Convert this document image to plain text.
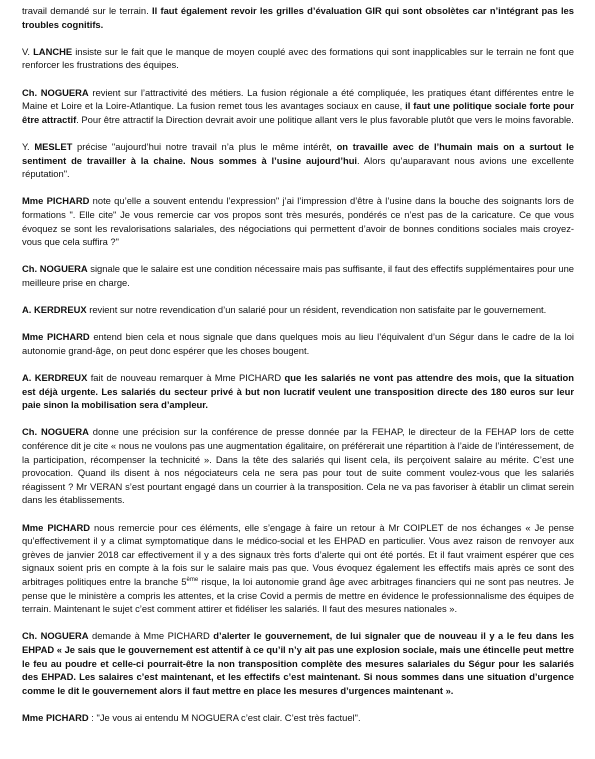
travail demandé sur le terrain. Il faut également revoir les grilles d’évaluation GIR qui sont obsolètes car n’intégrant pas les troubles cognitifs.

V. LANCHE insiste sur le fait que le manque de moyen couplé avec des formations qui sont inapplicables sur le terrain ne font que renforcer les frustrations des équipes.

Ch. NOGUERA revient sur l’attractivité des métiers. La fusion régionale a été compliquée, les pratiques étant différentes entre le Maine et Loire et la Loire-Atlantique. La fusion remet tous les avantages sociaux en cause, il faut une politique sociale forte pour être attractif. Pour être attractif la Direction devrait avoir une politique allant vers le plus favorable plutôt que vers le moins favorable.

Y. MESLET précise "aujourd’hui notre travail n’a plus le même intérêt, on travaille avec de l’humain mais on a surtout le sentiment de travailler à la chaine. Nous sommes à l’usine aujourd’hui. Alors qu’auparavant nous avions une excellente réputation".

Mme PICHARD note qu’elle a souvent entendu l’expression" j’ai l’impression d’être à l’usine dans la bouche des soignants lors de formations ". Elle cite" Je vous remercie car vos propos sont très mesurés, pondérés ce n’est pas de la caricature. Ce que vous évoquez se sont les revalorisations salariales, des négociations qui permettent d’avoir de bonnes conditions sociales mais croyez-vous que cela suffira ?"

Ch. NOGUERA signale que le salaire est une condition nécessaire mais pas suffisante, il faut des effectifs supplémentaires pour une meilleure prise en charge.

A. KERDREUX revient sur notre revendication d’un salarié pour un résident, revendication non satisfaite par le gouvernement.

Mme PICHARD entend bien cela et nous signale que dans quelques mois au lieu l’équivalent d’un Ségur dans le cadre de la loi autonomie grand-âge, on peut donc espérer que les choses bougent.

A. KERDREUX fait de nouveau remarquer à Mme PICHARD que les salariés ne vont pas attendre des mois, que la situation est déjà urgente. Les salariés du secteur privé à but non lucratif veulent une transposition directe des 180 euros sur leur paie sinon la mobilisation sera d’ampleur.

Ch. NOGUERA donne une précision sur la conférence de presse donnée par la FEHAP, le directeur de la FEHAP lors de cette conférence dit je cite « nous ne voulons pas une augmentation égalitaire, on préférerait une répartition à l’aide de l’intéressement, de la participation, récompenser la technicité ». Dans la tête des salariés qui lisent cela, ils perçoivent salaire au mérite. C’est une provocation. Quand ils disent à nos négociateurs cela ne sera pas pour tout de suite comment voulez-vous que les salariés réagissent ? Mr VERAN s’est pourtant engagé dans un courrier à la transposition. Cela ne va pas favoriser à établir un climat serein dans les établissements.

Mme PICHARD nous remercie pour ces éléments, elle s’engage à faire un retour à Mr COIPLET de nos échanges « Je pense qu’effectivement il y a climat symptomatique dans le médico-social et les EHPAD en particulier. Vous avez raison de renvoyer aux grèves de janvier 2018 car effectivement il y a des signaux très forts d’alerte qui ont été portés. Et il faut vraiment espérer que ces signaux soient pris en compte à la fois sur le salaire mais pas que. Vous évoquez également les effectifs mais après ce sont des arbitrages politiques entre la branche 5ème risque, la loi autonomie grand âge avec arbitrages financiers qui ne sont pas neutres. Je pense que le ministère a compris les attentes, et la crise Covid a permis de mettre en évidence le professionnalisme des équipes de terrain. Maintenant le sujet c’est comment attirer et fidéliser les salariés. Il faut des mesures nationales ».

Ch. NOGUERA demande à Mme PICHARD d’alerter le gouvernement, de lui signaler que de nouveau il y a le feu dans les EHPAD « Je sais que le gouvernement est attentif à ce qu’il n’y ait pas une explosion sociale, mais une étincelle peut mettre le feu au poudre et celle-ci pourrait-être la non transposition complète des mesures salariales du Ségur pour les salariés des EHPAD. Les salaires c’est maintenant, et les effectifs c’est maintenant. Si nous sommes dans une situation d’urgence comme le dit le gouvernement alors il faut mettre en place les mesures d’urgences maintenant ».

Mme PICHARD : "Je vous ai entendu M NOGUERA c’est clair. C’est très factuel".
